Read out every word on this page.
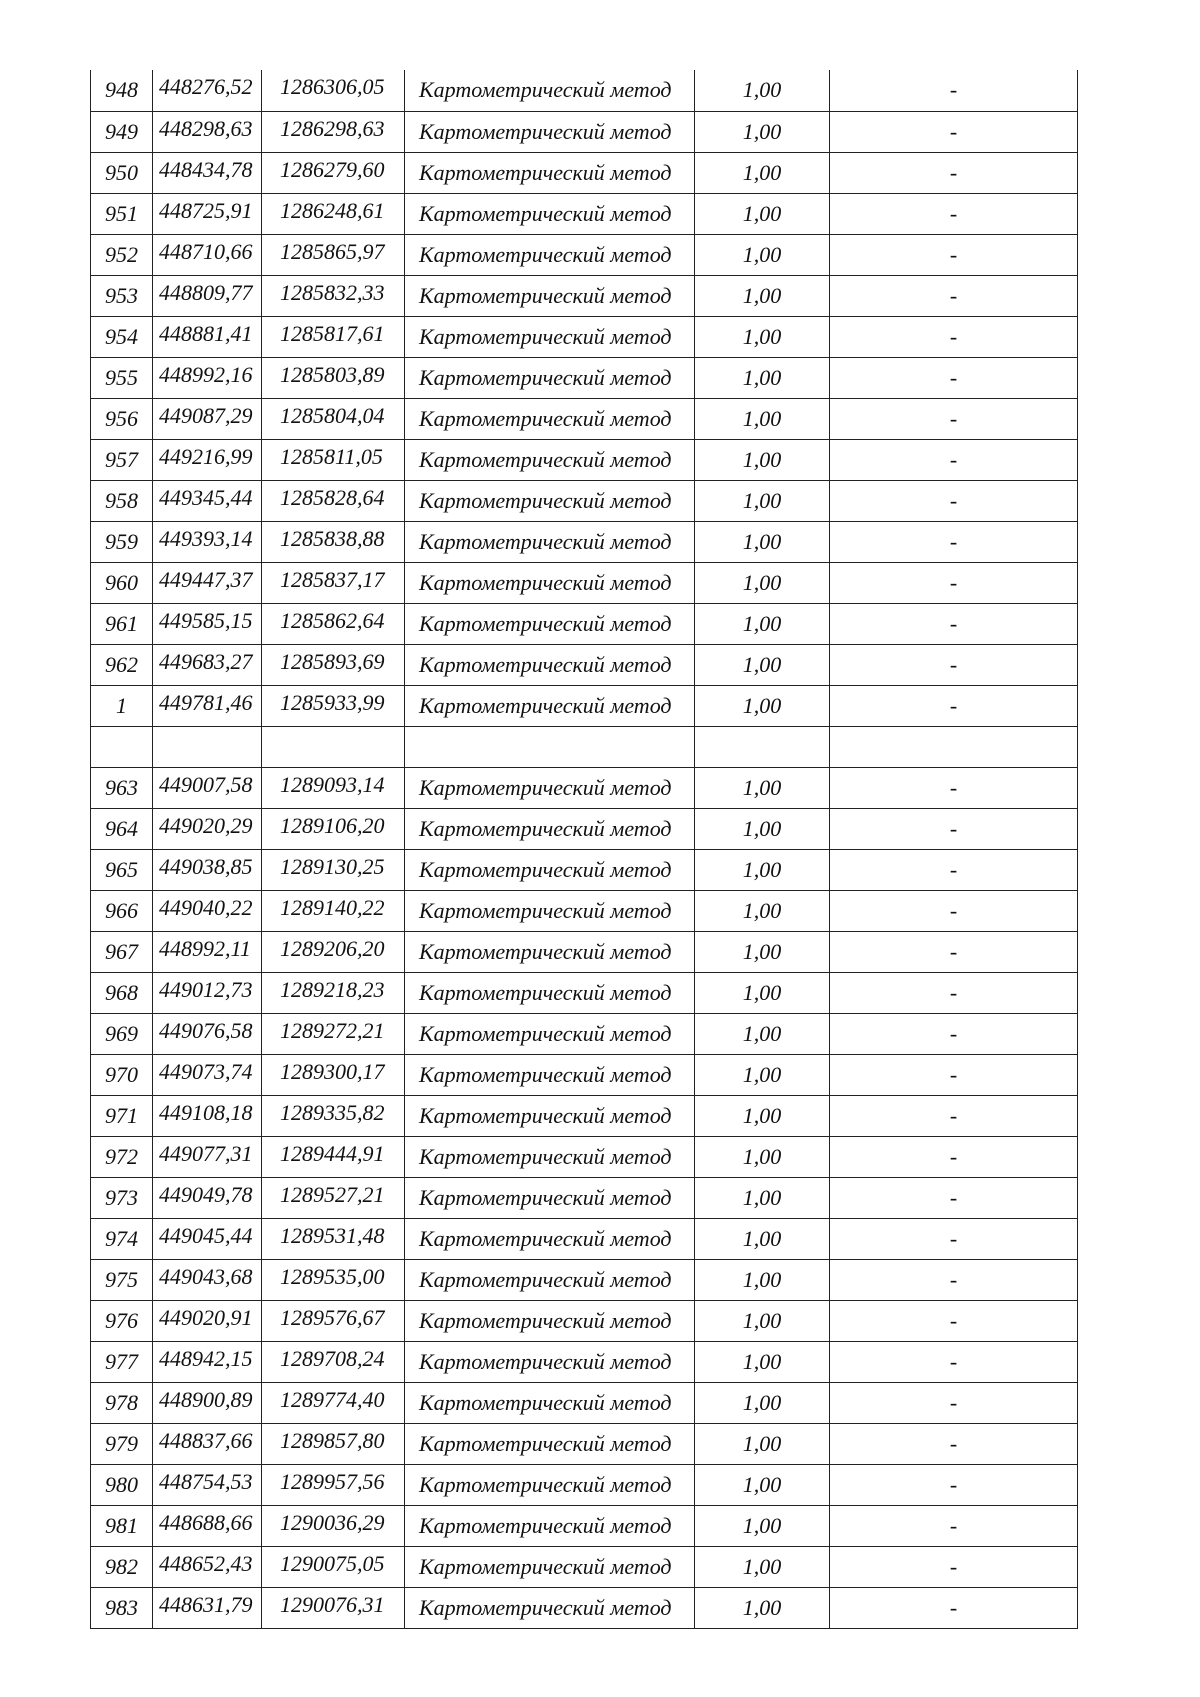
948	448276,52	1286306,05	Картометрический метод	1,00	-
949	448298,63	1286298,63	Картометрический метод	1,00	-
950	448434,78	1286279,60	Картометрический метод	1,00	-
951	448725,91	1286248,61	Картометрический метод	1,00	-
952	448710,66	1285865,97	Картометрический метод	1,00	-
953	448809,77	1285832,33	Картометрический метод	1,00	-
954	448881,41	1285817,61	Картометрический метод	1,00	-
955	448992,16	1285803,89	Картометрический метод	1,00	-
956	449087,29	1285804,04	Картометрический метод	1,00	-
957	449216,99	1285811,05	Картометрический метод	1,00	-
958	449345,44	1285828,64	Картометрический метод	1,00	-
959	449393,14	1285838,88	Картометрический метод	1,00	-
960	449447,37	1285837,17	Картометрический метод	1,00	-
961	449585,15	1285862,64	Картометрический метод	1,00	-
962	449683,27	1285893,69	Картометрический метод	1,00	-
1	449781,46	1285933,99	Картометрический метод	1,00	-

963	449007,58	1289093,14	Картометрический метод	1,00	-
964	449020,29	1289106,20	Картометрический метод	1,00	-
965	449038,85	1289130,25	Картометрический метод	1,00	-
966	449040,22	1289140,22	Картометрический метод	1,00	-
967	448992,11	1289206,20	Картометрический метод	1,00	-
968	449012,73	1289218,23	Картометрический метод	1,00	-
969	449076,58	1289272,21	Картометрический метод	1,00	-
970	449073,74	1289300,17	Картометрический метод	1,00	-
971	449108,18	1289335,82	Картометрический метод	1,00	-
972	449077,31	1289444,91	Картометрический метод	1,00	-
973	449049,78	1289527,21	Картометрический метод	1,00	-
974	449045,44	1289531,48	Картометрический метод	1,00	-
975	449043,68	1289535,00	Картометрический метод	1,00	-
976	449020,91	1289576,67	Картометрический метод	1,00	-
977	448942,15	1289708,24	Картометрический метод	1,00	-
978	448900,89	1289774,40	Картометрический метод	1,00	-
979	448837,66	1289857,80	Картометрический метод	1,00	-
980	448754,53	1289957,56	Картометрический метод	1,00	-
981	448688,66	1290036,29	Картометрический метод	1,00	-
982	448652,43	1290075,05	Картометрический метод	1,00	-
983	448631,79	1290076,31	Картометрический метод	1,00	-
